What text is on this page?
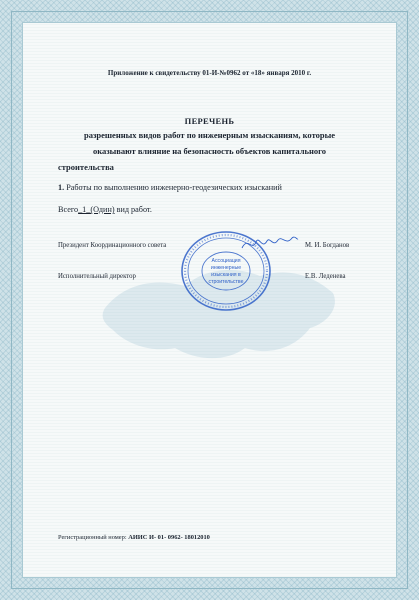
Приложение к свидетельству 01-И-№0962 от «18» января 2010 г.
ПЕРЕЧЕНЬ
разрешенных видов работ по инженерным изысканиям, которые
оказывают влияние на безопасность объектов капитального
строительства
1. Работы по выполнению инженерно-геодезических изысканий
Всего_1_(Один) вид работ.
Президент Координационного совета	М. И. Богданов
Исполнительный директор	Е.В. Леденева
Ассоциация
инженерные
изыскания в
строительстве
Регистрационный номер: АИИС И- 01- 0962- 18012010
